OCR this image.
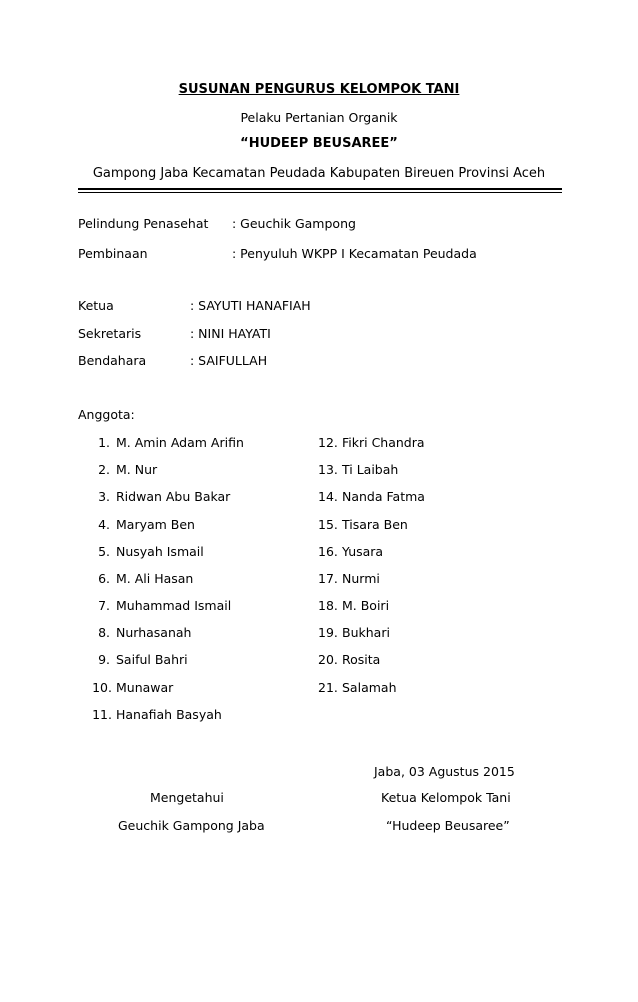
SUSUNAN PENGURUS KELOMPOK TANI
Pelaku Pertanian Organik
“HUDEEP BEUSAREE”
Gampong Jaba Kecamatan Peudada Kabupaten Bireuen Provinsi Aceh
Pelindung Penasehat : Geuchik Gampong
Pembinaan	: Penyuluh WKPP I Kecamatan Peudada
Ketua	: SAYUTI HANAFIAH
Sekretaris	: NINI HAYATI
Bendahara	: SAIFULLAH
Anggota:
1. M. Amin Adam Arifin
2. M. Nur
3. Ridwan Abu Bakar
4. Maryam Ben
5. Nusyah Ismail
6. M. Ali Hasan
7. Muhammad Ismail
8. Nurhasanah
9. Saiful Bahri
10. Munawar
11. Hanafiah Basyah
12. Fikri Chandra
13. Ti Laibah
14. Nanda Fatma
15. Tisara Ben
16. Yusara
17. Nurmi
18. M. Boiri
19. Bukhari
20. Rosita
21. Salamah
Jaba, 03 Agustus 2015
Mengetahui	Ketua Kelompok Tani
Geuchik Gampong Jaba	“Hudeep Beusaree”
